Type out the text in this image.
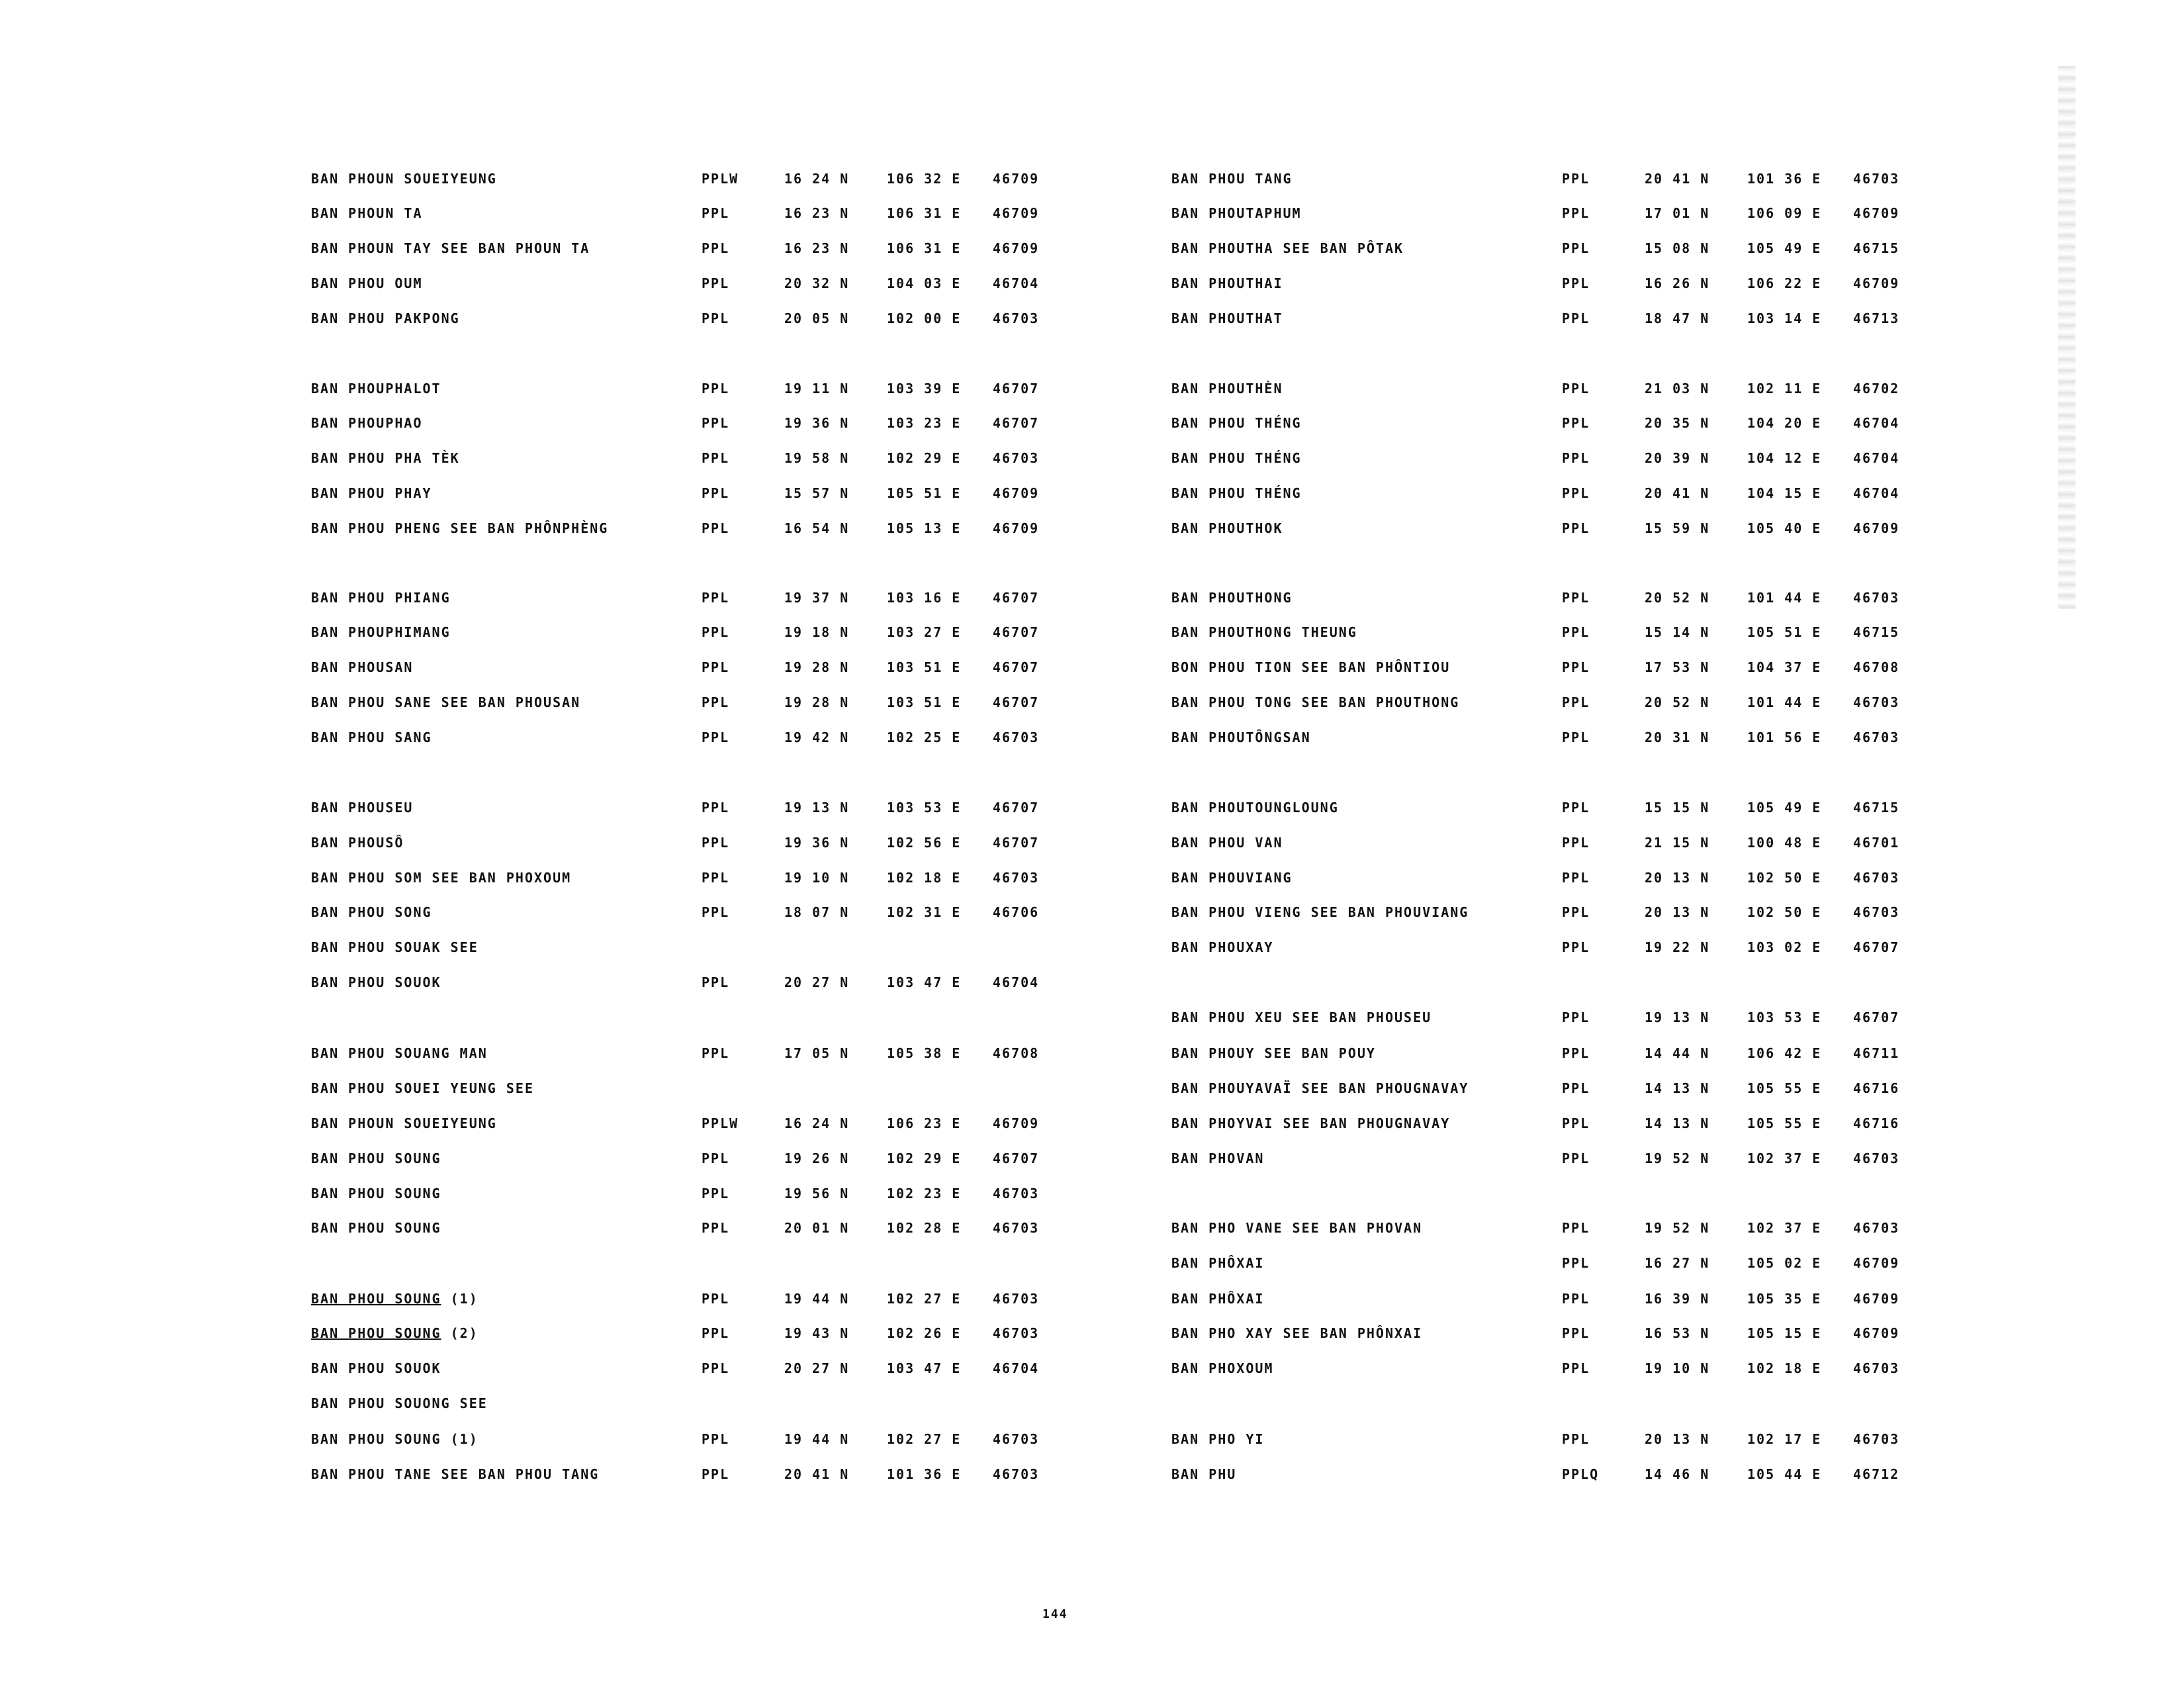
BAN PHOUN SOUEIYEUNG	PPLW	16 24 N	106 32 E 46709
BAN PHOUN TA	PPL	16 23 N	106 31 E 46709
BAN PHOUN TAY SEE BAN PHOUN TA	PPL	16 23 N	106 31 E 46709
BAN PHOU OUM	PPL	20 32 N	104 03 E 46704
BAN PHOU PAKPONG	PPL	20 05 N	102 00 E 46703
BAN PHOUPHALOT	PPL	19 11 N	103 39 E 46707
BAN PHOUPHAO	PPL	19 36 N	103 23 E 46707
BAN PHOU PHA TÈK	PPL	19 58 N	102 29 E 46703
BAN PHOU PHAY	PPL	15 57 N	105 51 E 46709
BAN PHOU PHENG SEE BAN PHÔNPHÈNG	PPL	16 54 N	105 13 E 46709
BAN PHOU PHIANG	PPL	19 37 N	103 16 E 46707
BAN PHOUPHIMANG	PPL	19 18 N	103 27 E 46707
BAN PHOUSAN	PPL	19 28 N	103 51 E 46707
BAN PHOU SANE SEE BAN PHOUSAN	PPL	19 28 N	103 51 E 46707
BAN PHOU SANG	PPL	19 42 N	102 25 E 46703
BAN PHOUSEU	PPL	19 13 N	103 53 E 46707
BAN PHOUSÔ	PPL	19 36 N	102 56 E 46707
BAN PHOU SOM SEE BAN PHOXOUM	PPL	19 10 N	102 18 E 46703
BAN PHOU SONG	PPL	18 07 N	102 31 E 46706
BAN PHOU SOUAK SEE
BAN PHOU SOUOK	PPL	20 27 N	103 47 E 46704
BAN PHOU SOUANG MAN	PPL	17 05 N	105 38 E 46708
BAN PHOU SOUEI YEUNG SEE
BAN PHOUN SOUEIYEUNG	PPLW	16 24 N	106 23 E 46709
BAN PHOU SOUNG	PPL	19 26 N	102 29 E 46707
BAN PHOU SOUNG	PPL	19 56 N	102 23 E 46703
BAN PHOU SOUNG	PPL	20 01 N	102 28 E 46703
BAN PHOU SOUNG (1)	PPL	19 44 N	102 27 E 46703
BAN PHOU SOUNG (2)	PPL	19 43 N	102 26 E 46703
BAN PHOU SOUOK	PPL	20 27 N	103 47 E 46704
BAN PHOU SOUONG SEE
BAN PHOU SOUNG (1)	PPL	19 44 N	102 27 E 46703
BAN PHOU TANE SEE BAN PHOU TANG	PPL	20 41 N	101 36 E 46703
BAN PHOU TANG	PPL	20 41 N	101 36 E 46703
BAN PHOUTAPHUM	PPL	17 01 N	106 09 E 46709
BAN PHOUTHA SEE BAN PÔTAK	PPL	15 08 N	105 49 E 46715
BAN PHOUTHAI	PPL	16 26 N	106 22 E 46709
BAN PHOUTHAT	PPL	18 47 N	103 14 E 46713
BAN PHOUTHÈN	PPL	21 03 N	102 11 E 46702
BAN PHOU THÉNG	PPL	20 35 N	104 20 E 46704
BAN PHOU THÉNG	PPL	20 39 N	104 12 E 46704
BAN PHOU THÉNG	PPL	20 41 N	104 15 E 46704
BAN PHOUTHOK	PPL	15 59 N	105 40 E 46709
BAN PHOUTHONG	PPL	20 52 N	101 44 E 46703
BAN PHOUTHONG THEUNG	PPL	15 14 N	105 51 E 46715
BON PHOU TION SEE BAN PHÔNTIOU	PPL	17 53 N	104 37 E 46708
BAN PHOU TONG SEE BAN PHOUTHONG	PPL	20 52 N	101 44 E 46703
BAN PHOUTÔNGSAN	PPL	20 31 N	101 56 E 46703
BAN PHOUTOUNGLOUNG	PPL	15 15 N	105 49 E 46715
BAN PHOU VAN	PPL	21 15 N	100 48 E 46701
BAN PHOUVIANG	PPL	20 13 N	102 50 E 46703
BAN PHOU VIENG SEE BAN PHOUVIANG	PPL	20 13 N	102 50 E 46703
BAN PHOUXAY	PPL	19 22 N	103 02 E 46707
BAN PHOU XEU SEE BAN PHOUSEU	PPL	19 13 N	103 53 E 46707
BAN PHOUY SEE BAN POUY	PPL	14 44 N	106 42 E 46711
BAN PHOUYAVAÏ SEE BAN PHOUGNAVAY	PPL	14 13 N	105 55 E 46716
BAN PHOYVAI SEE BAN PHOUGNAVAY	PPL	14 13 N	105 55 E 46716
BAN PHOVAN	PPL	19 52 N	102 37 E 46703
BAN PHO VANE SEE BAN PHOVAN	PPL	19 52 N	102 37 E 46703
BAN PHÔXAI	PPL	16 27 N	105 02 E 46709
BAN PHÔXAI	PPL	16 39 N	105 35 E 46709
BAN PHO XAY SEE BAN PHÔNXAI	PPL	16 53 N	105 15 E 46709
BAN PHOXOUM	PPL	19 10 N	102 18 E 46703
BAN PHO YI	PPL	20 13 N	102 17 E 46703
BAN PHU	PPLQ	14 46 N	105 44 E 46712
144
